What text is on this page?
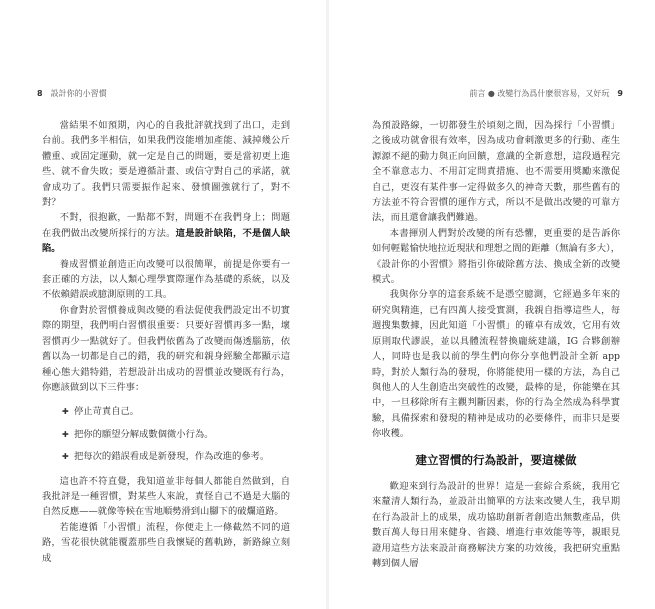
8 設計你的小習慣

當結果不如預期，內心的自我批評就找到了出口，走到台前。我們多半相信，如果我們沒能增加產能、減掉幾公斤體重、或固定運動，就一定是自己的問題，要是當初更上進些、就不會失敗；要是遵循計畫、或信守對自己的承諾，就會成功了。我們只需要振作起來、發憤圖強就行了，對不對？

不對，很抱歉，一點都不對，問題不在我們身上；問題在我們做出改變所採行的方法。這是設計缺陷，不是個人缺陷。

養成習慣並創造正向改變可以很簡單，前提是你要有一套正確的方法，以人類心理學實際運作為基礎的系統，以及不依賴錯誤或臆測原則的工具。

你會對於習慣養成與改變的看法促使我們設定出不切實際的期望，我們明白習慣很重要：只要好習慣再多一點，壞習慣再少一點就好了。但我們依舊為了改變而傷透腦筋，依舊以為一切都是自己的錯，我的研究和親身經驗全都顯示這種心態大錯特錯，若想設計出成功的習慣並改變既有行為，你應該做到以下三件事：

✚ 停止苛責自己。
✚ 把你的願望分解成數個微小行為。
✚ 把每次的錯誤看成是新發現，作為改進的參考。

這也許不符直覺，我知道並非每個人都能自然做到，自我批評是一種習慣，對某些人來說，責怪自己不過是大腦的自然反應——就像等候在雪地順勢滑到山腳下的破爛道路。

若能遵循「小習慣」流程，你便走上一條截然不同的道路，雪花很快就能覆蓋那些自我懷疑的舊軌跡，新路線立刻成

前言 ● 改變行為爲什麼很容易，又好玩 9

為預設路線，一切都發生於頃刻之間，因為採行「小習慣」之後成功就會很有效率，因為成功會刺激更多的行動、產生源源不絕的動力與正向回饋，意識的全新意想，這段過程完全不靠意志力、不用訂定問責措施、也不需要用獎勵來激促自己，更沒有某件事一定得做多久的神奇天數，那些舊有的方法並不符合習慣的運作方式，所以不是做出改變的可靠方法，而且還會讓我們難過。

本書揮別人們對於改變的所有恐懼，更重要的是告訴你如何輕鬆愉快地拉近現狀和理想之間的距離（無論有多大），《設計你的小習慣》將指引你破除舊方法、換成全新的改變模式。

我與你分享的這套系統不是憑空臆測，它經過多年來的研究與精進，已有四萬人接受實測，我親自指導這些人，每週搜集數據，因此知道「小習慣」的確卓有成效，它用有效原則取代謬誤，並以具體流程替換龐統建議，IG 合夥創辦人，同時也是我以前的學生們向你分享他們設計全新 app 時，對於人類行為的發現，你將能使用一樣的方法，為自己與他人的人生創造出突破性的改變，最棒的是，你能樂在其中，一旦移除所有主觀判斷因素，你的行為全然成為科學實驗，具備探索和發現的精神是成功的必要條件，而非只是要你收穫。

建立習慣的行為設計，要這樣做

歡迎來到行為設計的世界！這是一套綜合系統，我用它來釐清人類行為，並設計出簡單的方法來改變人生，我早期在行為設計上的成果，成功協助創新者創造出無數產品，供數百萬人每日用來健身、省錢、增進行車效能等等，親眼見證用這些方法來設計商務解決方案的功效後，我把研究重點轉到個人層
